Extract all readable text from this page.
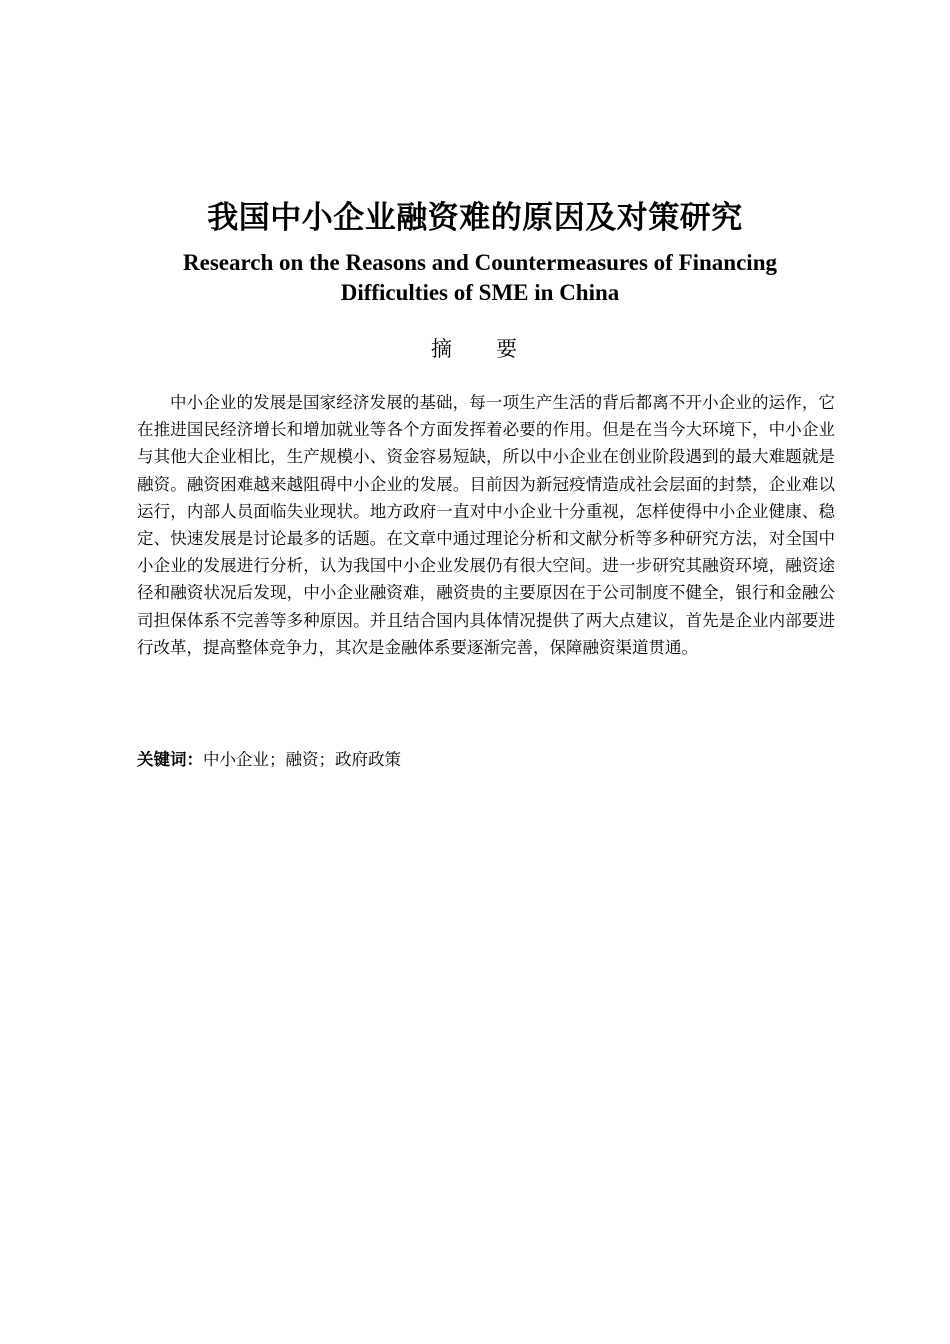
我国中小企业融资难的原因及对策研究
Research on the Reasons and Countermeasures of Financing Difficulties of SME in China
摘 要

中小企业的发展是国家经济发展的基础，每一项生产生活的背后都离不开小企业的运作，它在推进国民经济增长和增加就业等各个方面发挥着必要的作用。但是在当今大环境下，中小企业与其他大企业相比，生产规模小、资金容易短缺，所以中小企业在创业阶段遇到的最大难题就是融资。融资困难越来越阻碍中小企业的发展。目前因为新冠疫情造成社会层面的封禁，企业难以运行，内部人员面临失业现状。地方政府一直对中小企业十分重视，怎样使得中小企业健康、稳定、快速发展是讨论最多的话题。在文章中通过理论分析和文献分析等多种研究方法，对全国中小企业的发展进行分析，认为我国中小企业发展仍有很大空间。进一步研究其融资环境，融资途径和融资状况后发现，中小企业融资难，融资贵的主要原因在于公司制度不健全，银行和金融公司担保体系不完善等多种原因。并且结合国内具体情况提供了两大点建议，首先是企业内部要进行改革，提高整体竞争力，其次是金融体系要逐渐完善，保障融资渠道贯通。

关键词：中小企业；融资；政府政策
